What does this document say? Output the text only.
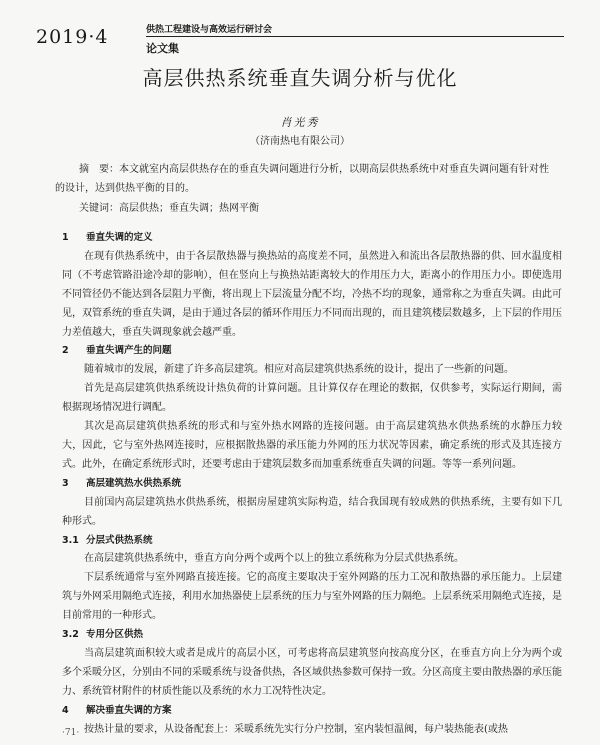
2019·4	供热工程建设与高效运行研讨会
论文集
高层供热系统垂直失调分析与优化
肖光秀
（济南热电有限公司）
摘　要：本文就室内高层供热存在的垂直失调问题进行分析，以期高层供热系统中对垂直失调问题有针对性的设计，达到供热平衡的目的。
关键词：高层供热；垂直失调；热网平衡
1 垂直失调的定义

在现有供热系统中，由于各层散热器与换热站的高度差不同，虽然进入和流出各层散热器的供、回水温度相同（不考虑管路沿途冷却的影响），但在竖向上与换热站距离较大的作用压力大，距离小的作用压力小。即使选用不同管径仍不能达到各层阻力平衡，将出现上下层流量分配不均，冷热不均的现象，通常称之为垂直失调。由此可见，双管系统的垂直失调，是由于通过各层的循环作用压力不同而出现的，而且建筑楼层数越多，上下层的作用压力差值越大，垂直失调现象就会越严重。

2 垂直失调产生的问题

随着城市的发展，新建了许多高层建筑。相应对高层建筑供热系统的设计，提出了一些新的问题。

首先是高层建筑供热系统设计热负荷的计算问题。且计算仅存在理论的数据，仅供参考，实际运行期间，需根据现场情况进行调配。

其次是高层建筑供热系统的形式和与室外热水网路的连接问题。由于高层建筑热水供热系统的水静压力较大，因此，它与室外热网连接时，应根据散热器的承压能力外网的压力状况等因素，确定系统的形式及其连接方式。此外，在确定系统形式时，还要考虑由于建筑层数多而加重系统垂直失调的问题。等等一系列问题。

3 高层建筑热水供热系统

目前国内高层建筑热水供热系统，根据房屋建筑实际构造，结合我国现有较成熟的供热系统，主要有如下几种形式。

3.1 分层式供热系统

在高层建筑供热系统中，垂直方向分两个或两个以上的独立系统称为分层式供热系统。

下层系统通常与室外网路直接连接。它的高度主要取决于室外网路的压力工况和散热器的承压能力。上层建筑与外网采用隔绝式连接，利用水加热器使上层系统的压力与室外网路的压力隔绝。上层系统采用隔绝式连接，是目前常用的一种形式。

3.2 专用分区供热

当高层建筑面积较大或者是成片的高层小区，可考虑将高层建筑竖向按高度分区，在垂直方向上分为两个或多个采暖分区，分别由不同的采暖系统与设备供热，各区域供热参数可保持一致。分区高度主要由散热器的承压能力、系统管材附件的材质性能以及系统的水力工况特性决定。

4 解决垂直失调的方案

按热计量的要求，从设备配套上：采暖系统先实行分户控制，室内装恒温阀，每户装热能表(或热

·71·
